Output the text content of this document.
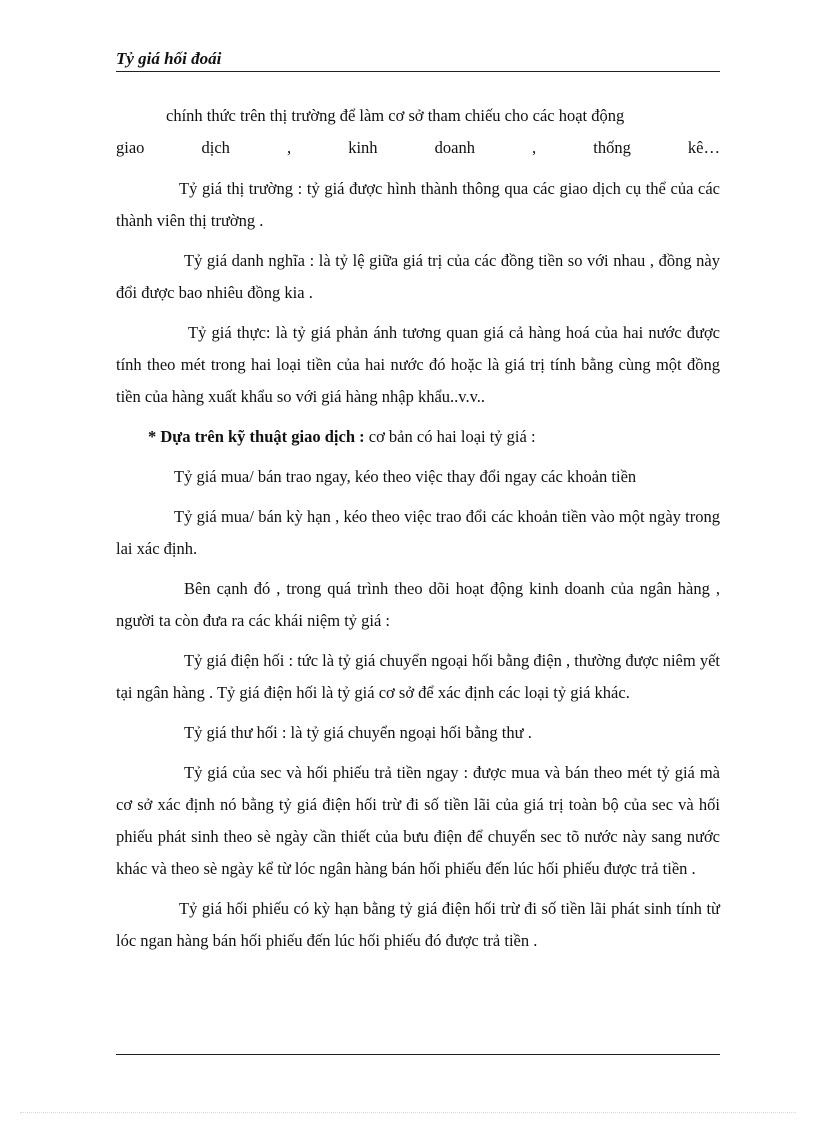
Tỷ giá hối đoái

chính thức trên thị trường để làm cơ sở tham chiếu cho các hoạt động

giao dịch , kinh doanh , thống kê…

Tỷ giá thị trường : tỷ giá được hình thành thông qua các giao dịch cụ thể của các thành viên thị trường .

Tỷ giá danh nghĩa : là tỷ lệ giữa giá trị của các đồng tiền so với nhau , đồng này đổi được bao nhiêu đồng kia .

Tỷ giá thực: là tỷ giá phản ánh tương quan giá cả hàng hoá của hai nước được tính theo mét trong hai loại tiền của hai nước đó hoặc là giá trị tính bằng cùng một đồng tiền của hàng xuất khẩu so với giá hàng nhập khẩu..v.v..

* Dựa trên kỹ thuật giao dịch : cơ bản có hai loại tỷ giá :

Tỷ giá mua/ bán trao ngay, kéo theo việc thay đổi ngay các khoản tiền

Tỷ giá mua/ bán kỳ hạn , kéo theo việc trao đổi các khoản tiền vào một ngày trong lai xác định.

Bên cạnh đó , trong quá trình theo dõi hoạt động kinh doanh của ngân hàng , người ta còn đưa ra các khái niệm tỷ giá :

Tỷ giá điện hối : tức là tỷ giá chuyển ngoại hối bằng điện , thường được niêm yết tại ngân hàng . Tỷ giá điện hối là tỷ giá cơ sở để xác định các loại tỷ giá khác.

Tỷ giá thư hối : là tỷ giá chuyển ngoại hối bằng thư .

Tỷ giá của sec và hối phiếu trả tiền ngay : được mua và bán theo mét tỷ giá mà cơ sở xác định nó bằng tỷ giá điện hối trừ đi số tiền lãi của giá trị toàn bộ của sec và hối phiếu phát sinh theo sè ngày cần thiết của bưu điện để chuyển sec tõ nước này sang nước khác và theo sè ngày kể từ lóc ngân hàng bán hối phiếu đến lúc hối phiếu được trả tiền .

Tỷ giá hối phiếu có kỳ hạn bằng tỷ giá điện hối trừ đi số tiền lãi phát sinh tính từ lóc ngan hàng bán hối phiếu đến lúc hối phiếu đó được trả tiền .
